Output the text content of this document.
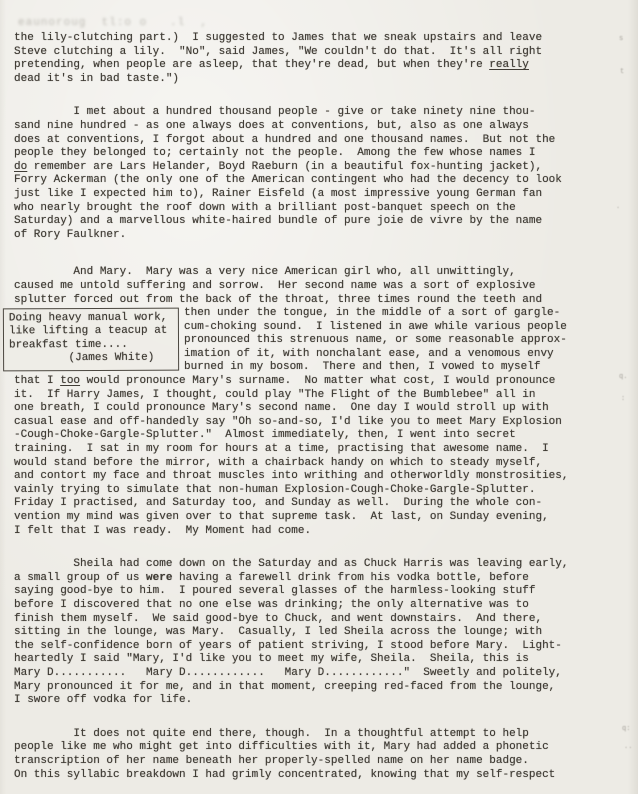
eaunoroug  tl:o o   .l  ,
the lily-clutching part.)  I suggested to James that we sneak upstairs and leave
Steve clutching a lily.  "No", said James, "We couldn't do that.  It's all right
pretending, when people are asleep, that they're dead, but when they're really
dead it's in bad taste.")
I met about a hundred thousand people - give or take ninety nine thou-
sand nine hundred - as one always does at conventions, but, also as one always
does at conventions, I forgot about a hundred and one thousand names.  But not the
people they belonged to; certainly not the people.  Among the few whose names I
do remember are Lars Helander, Boyd Raeburn (in a beautiful fox-hunting jacket),
Forry Ackerman (the only one of the American contingent who had the decency to look
just like I expected him to), Rainer Eisfeld (a most impressive young German fan
who nearly brought the roof down with a brilliant post-banquet speech on the
Saturday) and a marvellous white-haired bundle of pure joie de vivre by the name
of Rory Faulkner.
And Mary.  Mary was a very nice American girl who, all unwittingly,
caused me untold suffering and sorrow.  Her second name was a sort of explosive
splutter forced out from the back of the throat, three times round the teeth and
Doing heavy manual work,
like lifting a teacup at
breakfast time....
(James White)
then under the tongue, in the middle of a sort of gargle-
cum-choking sound.  I listened in awe while various people
pronounced this strenuous name, or some reasonable approx-
imation of it, with nonchalant ease, and a venomous envy
burned in my bosom.  There and then, I vowed to myself
that I too would pronounce Mary's surname.  No matter what cost, I would pronounce
it.  If Harry James, I thought, could play "The Flight of the Bumblebee" all in
one breath, I could pronounce Mary's second name.  One day I would stroll up with
casual ease and off-handedly say "Oh so-and-so, I'd like you to meet Mary Explosion
-Cough-Choke-Gargle-Splutter."  Almost immediately, then, I went into secret
training.  I sat in my room for hours at a time, practising that awesome name.  I
would stand before the mirror, with a chairback handy on which to steady myself,
and contort my face and throat muscles into writhing and otherworldly monstrosities,
vainly trying to simulate that non-human Explosion-Cough-Choke-Gargle-Splutter.
Friday I practised, and Saturday too, and Sunday as well.  During the whole con-
vention my mind was given over to that supreme task.  At last, on Sunday evening,
I felt that I was ready.  My Moment had come.
Sheila had come down on the Saturday and as Chuck Harris was leaving early,
a small group of us were having a farewell drink from his vodka bottle, before
saying good-bye to him.  I poured several glasses of the harmless-looking stuff
before I discovered that no one else was drinking; the only alternative was to
finish them myself.  We said good-bye to Chuck, and went downstairs.  And there,
sitting in the lounge, was Mary.  Casually, I led Sheila across the lounge; with
the self-confidence born of years of patient striving, I stood before Mary.  Light-
heartedly I said "Mary, I'd like you to meet my wife, Sheila.  Sheila, this is
Mary D...........   Mary D............   Mary D............"  Sweetly and politely,
Mary pronounced it for me, and in that moment, creeping red-faced from the lounge,
I swore off vodka for life.
It does not quite end there, though.  In a thoughtful attempt to help
people like me who might get into difficulties with it, Mary had added a phonetic
transcription of her name beneath her properly-spelled name on her name badge.
On this syllabic breakdown I had grimly concentrated, knowing that my self-respect
s
t
.
q.
:
q:
..
